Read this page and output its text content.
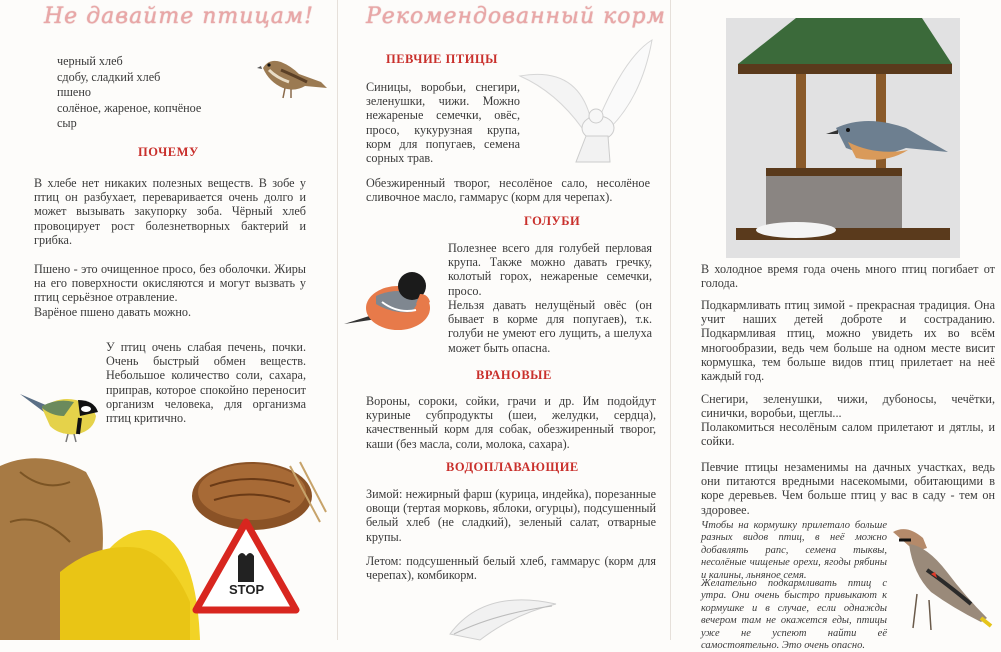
Не давайте птицам!
черный хлеб
сдобу, сладкий хлеб
пшено
солёное, жареное, копчёное
сыр
ПОЧЕМУ
В хлебе нет никаких полезных веществ. В зобе у птиц он разбухает, переваривается очень долго и может вызывать закупорку зоба. Чёрный хлеб провоцирует рост болезнетворных бактерий и грибка.
Пшено - это очищенное просо, без оболочки. Жиры на его поверхности окисляются и могут вызвать у птиц серьёзное отравление.
Варёное пшено давать можно.
У птиц очень слабая печень, почки. Очень быстрый обмен веществ. Небольшое количество соли, сахара, приправ, которое спокойно переносит организм человека, для организма птиц критично.
STOP
Рекомендованный корм
ПЕВЧИЕ ПТИЦЫ
Синицы, воробьи, снегири, зеленушки, чижи. Можно нежареные семечки, овёс, просо, кукурузная крупа, корм для попугаев, семена сорных трав.
Обезжиренный творог, несолёное сало, несолёное сливочное масло, гаммарус (корм для черепах).
ГОЛУБИ
Полезнее всего для голубей перловая крупа. Также можно давать гречку, колотый горох, нежареные семечки, просо.
Нельзя давать нелущёный овёс (он бывает в корме для попугаев), т.к. голуби не умеют его лущить, а шелуха может быть опасна.
ВРАНОВЫЕ
Вороны, сороки, сойки, грачи и др. Им подойдут куриные субпродукты (шеи, желудки, сердца), качественный корм для собак, обезжиренный творог, каши (без масла, соли, молока, сахара).
ВОДОПЛАВАЮЩИЕ
Зимой: нежирный фарш (курица, индейка), порезанные овощи (тертая морковь, яблоки, огурцы), подсушенный белый хлеб (не сладкий), зеленый салат, отварные крупы.
Летом: подсушенный белый хлеб, гаммарус (корм для черепах), комбикорм.
В холодное время года очень много птиц погибает от голода.
Подкармливать птиц зимой - прекрасная традиция. Она учит наших детей доброте и состраданию. Подкармливая птиц, можно увидеть их во всём многообразии, ведь чем больше на одном месте висит кормушка, тем больше видов птиц прилетает на неё каждый год.
Снегири, зеленушки, чижи, дубоносы, чечётки, синички, воробьи, щеглы...
Полакомиться несолёным салом прилетают и дятлы, и сойки.
Певчие птицы незаменимы на дачных участках, ведь они питаются вредными насекомыми, обитающими в коре деревьев. Чем больше птиц у вас в саду - тем он здоровее.
Чтобы на кормушку прилетало больше разных видов птиц, в неё можно добавлять рапс, семена тыквы, несолёные чищеные орехи, ягоды рябины и калины, льняное семя.
Желательно подкармливать птиц с утра. Они очень быстро привыкают к кормушке и в случае, если однажды вечером там не окажется еды, птицы уже не успеют найти её самостоятельно. Это очень опасно.
